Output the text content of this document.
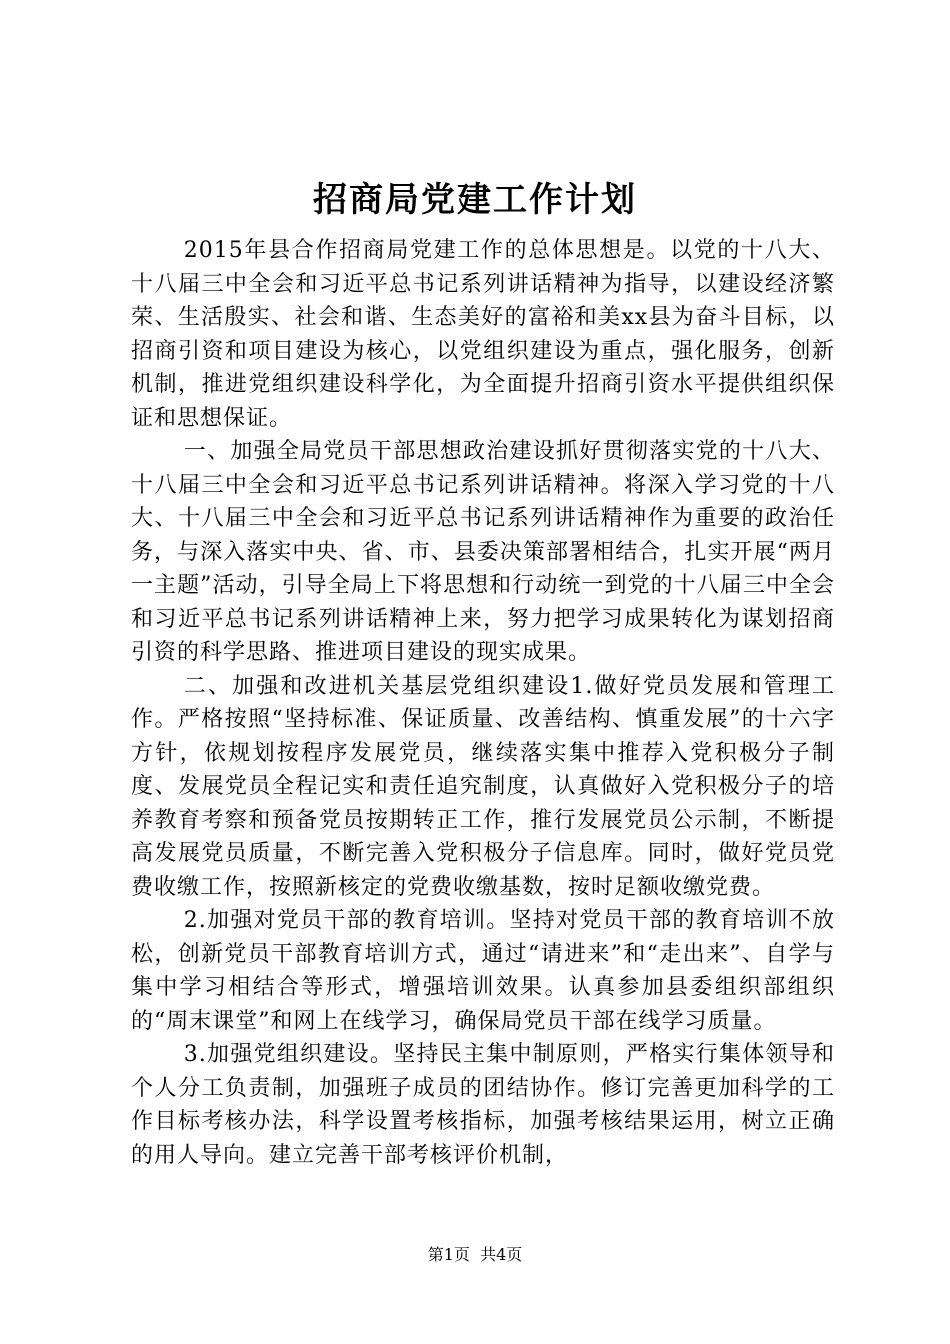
招商局党建工作计划

2015年县合作招商局党建工作的总体思想是。以党的十八大、十八届三中全会和习近平总书记系列讲话精神为指导，以建设经济繁荣、生活殷实、社会和谐、生态美好的富裕和美xx县为奋斗目标，以招商引资和项目建设为核心，以党组织建设为重点，强化服务，创新机制，推进党组织建设科学化，为全面提升招商引资水平提供组织保证和思想保证。

一、加强全局党员干部思想政治建设抓好贯彻落实党的十八大、十八届三中全会和习近平总书记系列讲话精神。将深入学习党的十八大、十八届三中全会和习近平总书记系列讲话精神作为重要的政治任务，与深入落实中央、省、市、县委决策部署相结合，扎实开展“两月一主题”活动，引导全局上下将思想和行动统一到党的十八届三中全会和习近平总书记系列讲话精神上来，努力把学习成果转化为谋划招商引资的科学思路、推进项目建设的现实成果。

二、加强和改进机关基层党组织建设1.做好党员发展和管理工作。严格按照“坚持标准、保证质量、改善结构、慎重发展”的十六字方针，依规划按程序发展党员，继续落实集中推荐入党积极分子制度、发展党员全程记实和责任追究制度，认真做好入党积极分子的培养教育考察和预备党员按期转正工作，推行发展党员公示制，不断提高发展党员质量，不断完善入党积极分子信息库。同时，做好党员党费收缴工作，按照新核定的党费收缴基数，按时足额收缴党费。

2.加强对党员干部的教育培训。坚持对党员干部的教育培训不放松，创新党员干部教育培训方式，通过“请进来”和“走出来”、自学与集中学习相结合等形式，增强培训效果。认真参加县委组织部组织的“周末课堂”和网上在线学习，确保局党员干部在线学习质量。

3.加强党组织建设。坚持民主集中制原则，严格实行集体领导和个人分工负责制，加强班子成员的团结协作。修订完善更加科学的工作目标考核办法，科学设置考核指标，加强考核结果运用，树立正确的用人导向。建立完善干部考核评价机制，

第1页 共4页
